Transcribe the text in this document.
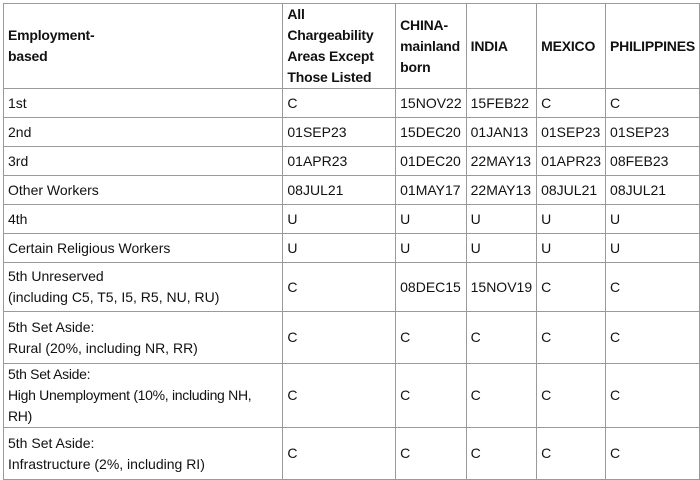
Employment-
based	All Chargeability
Areas Except
Those Listed	CHINA-
mainland
born	INDIA	MEXICO	PHILIPPINES
1st	C	15NOV22	15FEB22	C	C
2nd	01SEP23	15DEC20	01JAN13	01SEP23	01SEP23
3rd	01APR23	01DEC20	22MAY13	01APR23	08FEB23
Other Workers	08JUL21	01MAY17	22MAY13	08JUL21	08JUL21
4th	U	U	U	U	U
Certain Religious Workers	U	U	U	U	U
5th Unreserved
(including C5, T5, I5, R5, NU, RU)	C	08DEC15	15NOV19	C	C
5th Set Aside:
Rural (20%, including NR, RR)	C	C	C	C	C
5th Set Aside:
High Unemployment (10%, including NH, RH)	C	C	C	C	C
5th Set Aside:
Infrastructure (2%, including RI)	C	C	C	C	C
